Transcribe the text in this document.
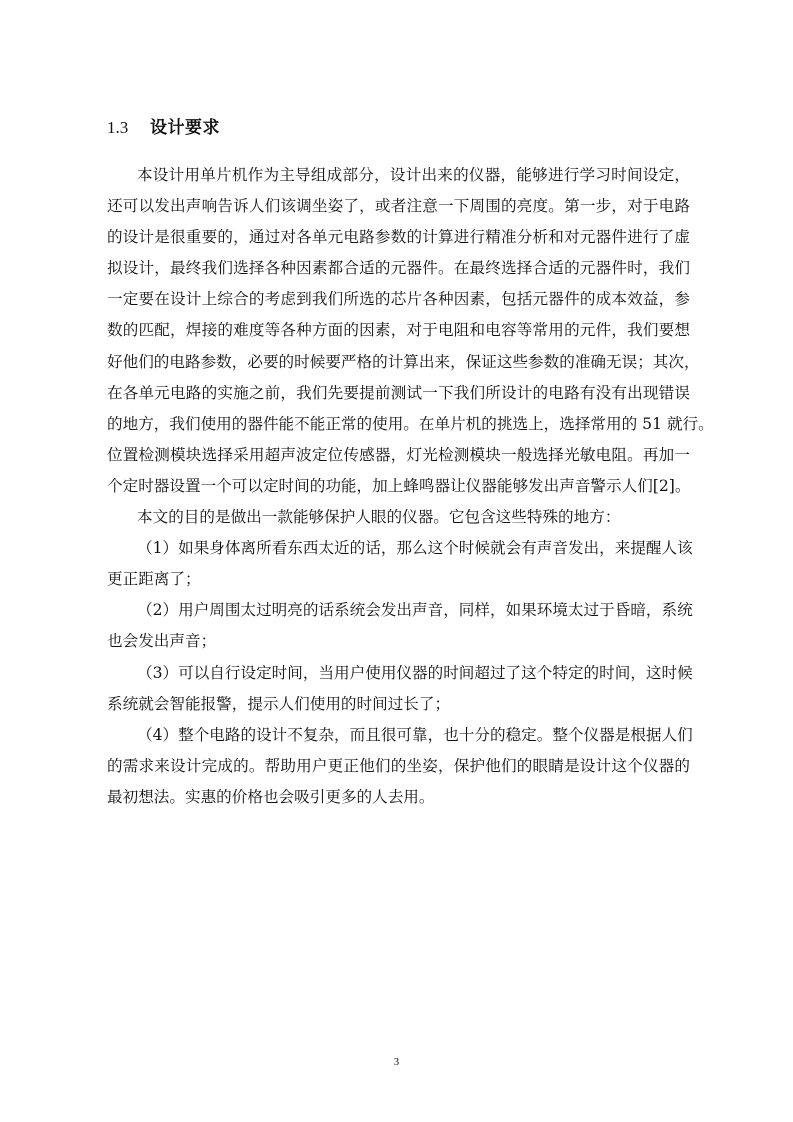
1.3 设计要求
本设计用单片机作为主导组成部分，设计出来的仪器，能够进行学习时间设定，
还可以发出声响告诉人们该调坐姿了，或者注意一下周围的亮度。第一步，对于电路
的设计是很重要的，通过对各单元电路参数的计算进行精准分析和对元器件进行了虚
拟设计，最终我们选择各种因素都合适的元器件。在最终选择合适的元器件时，我们
一定要在设计上综合的考虑到我们所选的芯片各种因素，包括元器件的成本效益，参
数的匹配，焊接的难度等各种方面的因素，对于电阻和电容等常用的元件，我们要想
好他们的电路参数，必要的时候要严格的计算出来，保证这些参数的准确无误；其次，
在各单元电路的实施之前，我们先要提前测试一下我们所设计的电路有没有出现错误
的地方，我们使用的器件能不能正常的使用。在单片机的挑选上，选择常用的 51 就行。
位置检测模块选择采用超声波定位传感器，灯光检测模块一般选择光敏电阻。再加一
个定时器设置一个可以定时间的功能，加上蜂鸣器让仪器能够发出声音警示人们[2]。
本文的目的是做出一款能够保护人眼的仪器。它包含这些特殊的地方：
（1）如果身体离所看东西太近的话，那么这个时候就会有声音发出，来提醒人该
更正距离了；
（2）用户周围太过明亮的话系统会发出声音，同样，如果环境太过于昏暗，系统
也会发出声音；
（3）可以自行设定时间，当用户使用仪器的时间超过了这个特定的时间，这时候
系统就会智能报警，提示人们使用的时间过长了；
（4）整个电路的设计不复杂，而且很可靠，也十分的稳定。整个仪器是根据人们
的需求来设计完成的。帮助用户更正他们的坐姿，保护他们的眼睛是设计这个仪器的
最初想法。实惠的价格也会吸引更多的人去用。
3
